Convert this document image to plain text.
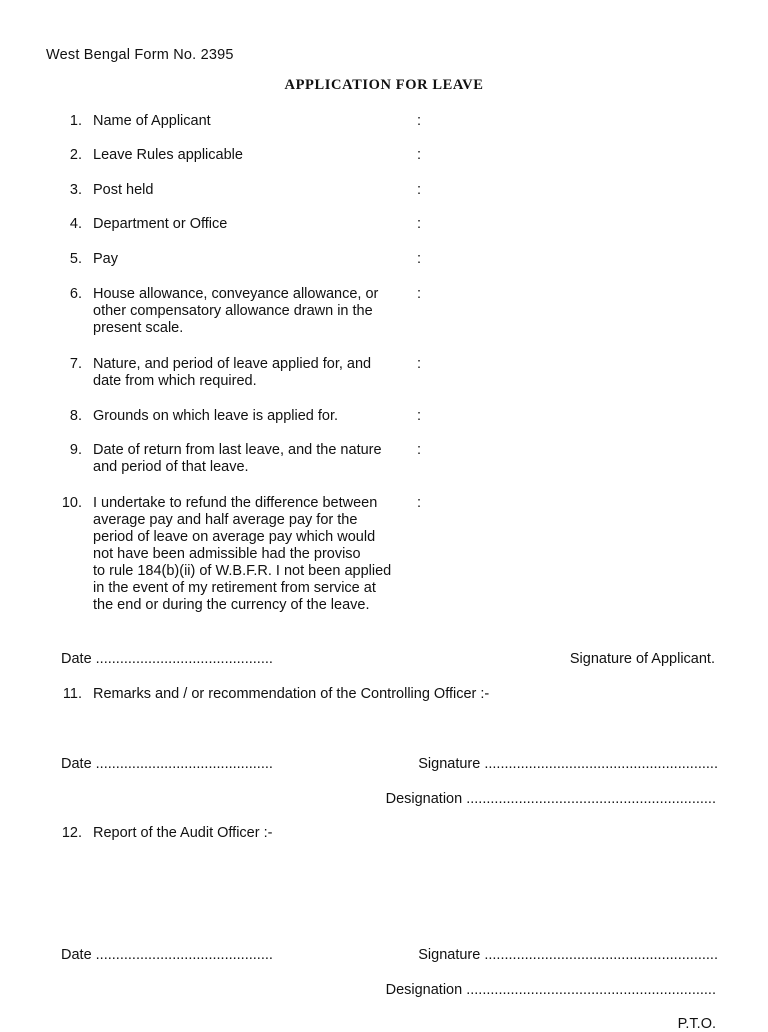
West Bengal Form No. 2395
APPLICATION FOR LEAVE
1. Name of Applicant	:
2. Leave Rules applicable	:
3. Post held	:
4. Department or Office	:
5. Pay	:
6. House allowance, conveyance allowance, or
other compensatory allowance drawn in the
present scale.
:
7. Nature, and period of leave applied for, and
date from which required.
:
8. Grounds on which leave is applied for.	:
9. Date of return from last leave, and the nature
and period of that leave.
:
10. I undertake to refund the difference between
average pay and half average pay for the
period of leave on average pay which would
not have been admissible had the proviso
to rule 184(b)(ii) of W.B.F.R. I not been applied
in the event of my retirement from service at
the end or during the currency of the leave.
:
Date ............................................	Signature of Applicant.
11. Remarks and / or recommendation of the Controlling Officer :-
Date ............................................	Signature ..........................................................
Designation ..............................................................
12. Report of the Audit Officer :-
Date ............................................	Signature ..........................................................
Designation ..............................................................
P.T.O.
